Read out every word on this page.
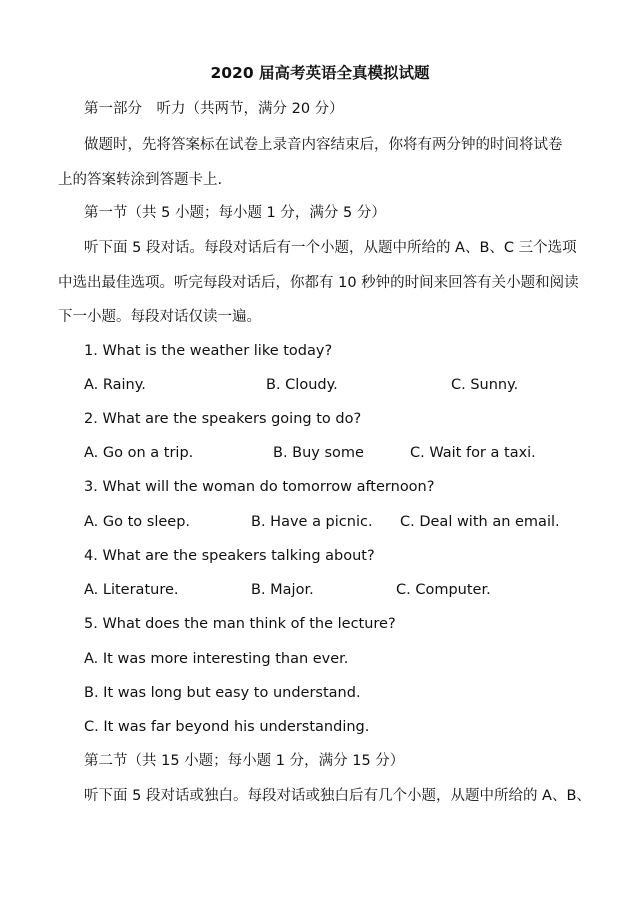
2020 届高考英语全真模拟试题
第一部分　听力（共两节，满分 20 分）
做题时，先将答案标在试卷上录音内容结束后，你将有两分钟的时间将试卷
上的答案转涂到答题卡上.
第一节（共 5 小题；每小题 1 分，满分 5 分）
听下面 5 段对话。每段对话后有一个小题，从题中所给的 A、B、C 三个选项
中选出最佳选项。听完每段对话后，你都有 10 秒钟的时间来回答有关小题和阅读
下一小题。每段对话仅读一遍。
1. What is the weather like today?
A. Rainy.	B. Cloudy.	C. Sunny.
2. What are the speakers going to do?
A. Go on a trip.	B. Buy some	C. Wait for a taxi.
3. What will the woman do tomorrow afternoon?
A. Go to sleep.	B. Have a picnic. C. Deal with an email.
4. What are the speakers talking about?
A. Literature.	B. Major.	C. Computer.
5. What does the man think of the lecture?
A. It was more interesting than ever.
B. It was long but easy to understand.
C. It was far beyond his understanding.
第二节（共 15 小题；每小题 1 分，满分 15 分）
听下面 5 段对话或独白。每段对话或独白后有几个小题，从题中所给的 A、B、
